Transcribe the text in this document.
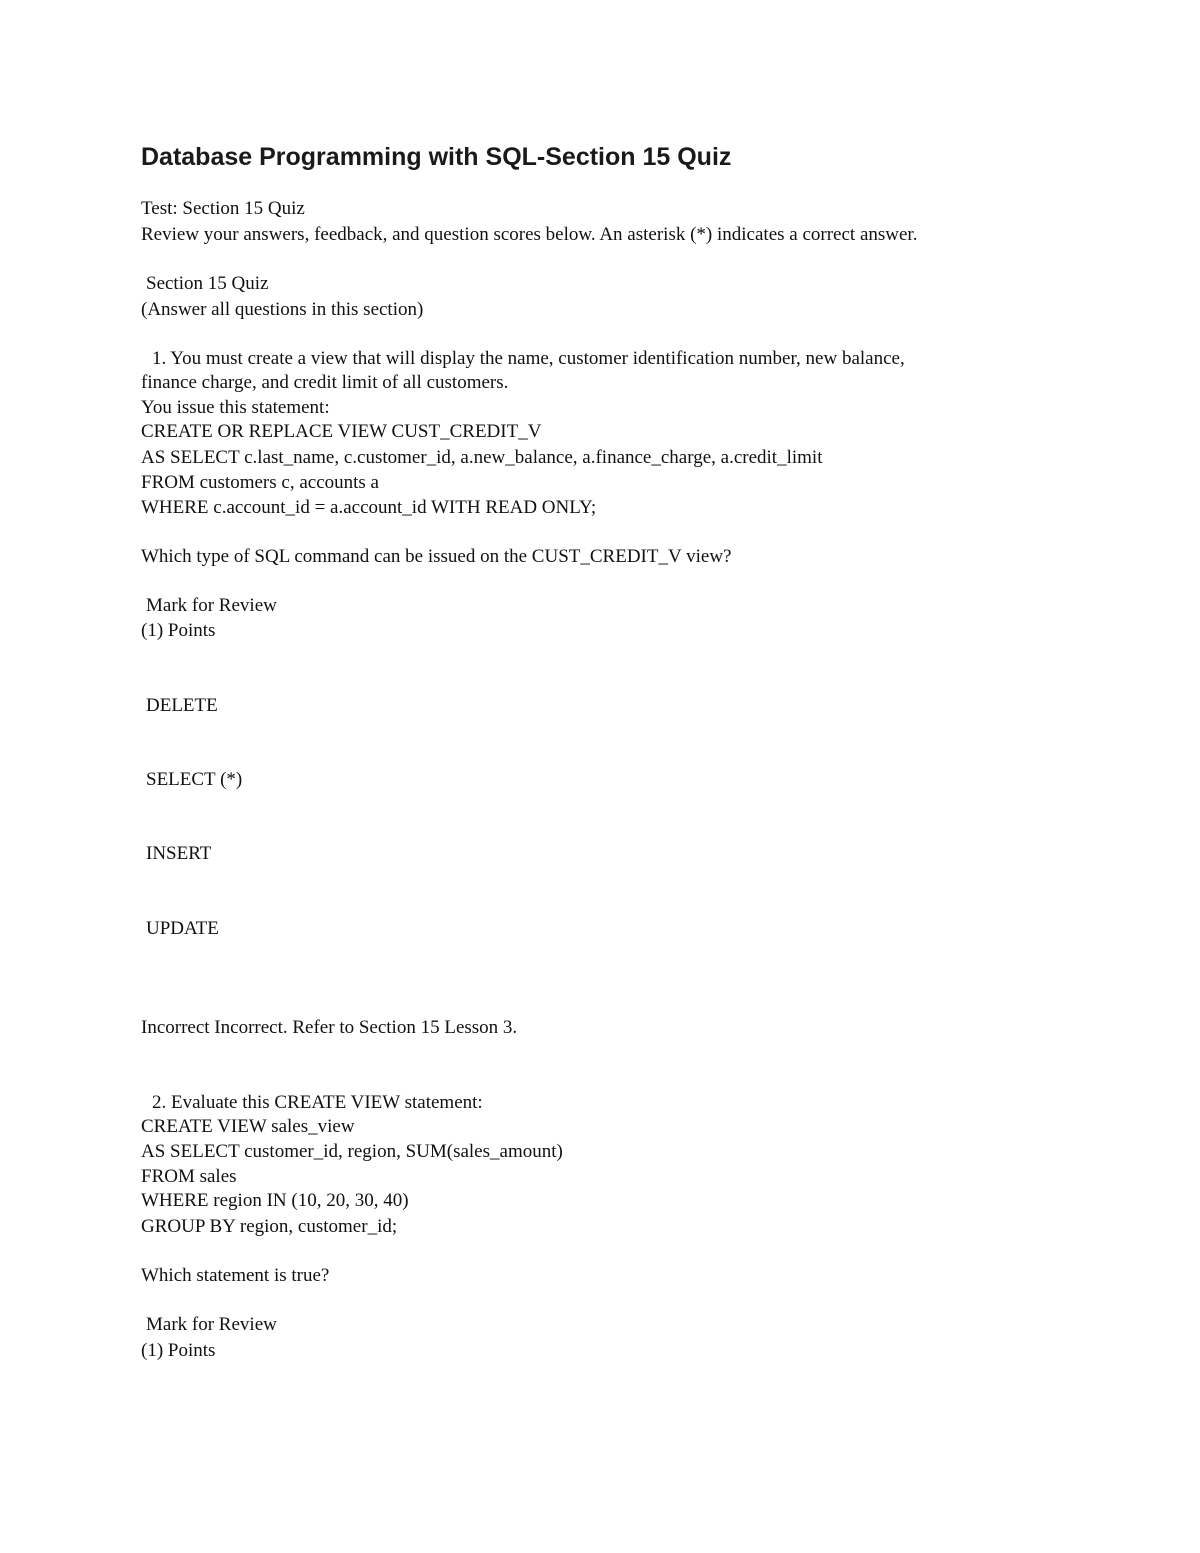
Database Programming with SQL-Section 15 Quiz
Test: Section 15 Quiz
Review your answers, feedback, and question scores below. An asterisk (*) indicates a correct answer.
Section 15 Quiz
(Answer all questions in this section)
1. You must create a view that will display the name, customer identification number, new balance,
finance charge, and credit limit of all customers.
You issue this statement:
CREATE OR REPLACE VIEW CUST_CREDIT_V
AS SELECT c.last_name, c.customer_id, a.new_balance, a.finance_charge, a.credit_limit
FROM customers c, accounts a
WHERE c.account_id = a.account_id WITH READ ONLY;
Which type of SQL command can be issued on the CUST_CREDIT_V view?
Mark for Review
(1) Points
DELETE
SELECT (*)
INSERT
UPDATE
Incorrect Incorrect. Refer to Section 15 Lesson 3.
2. Evaluate this CREATE VIEW statement:
CREATE VIEW sales_view
AS SELECT customer_id, region, SUM(sales_amount)
FROM sales
WHERE region IN (10, 20, 30, 40)
GROUP BY region, customer_id;
Which statement is true?
Mark for Review
(1) Points
